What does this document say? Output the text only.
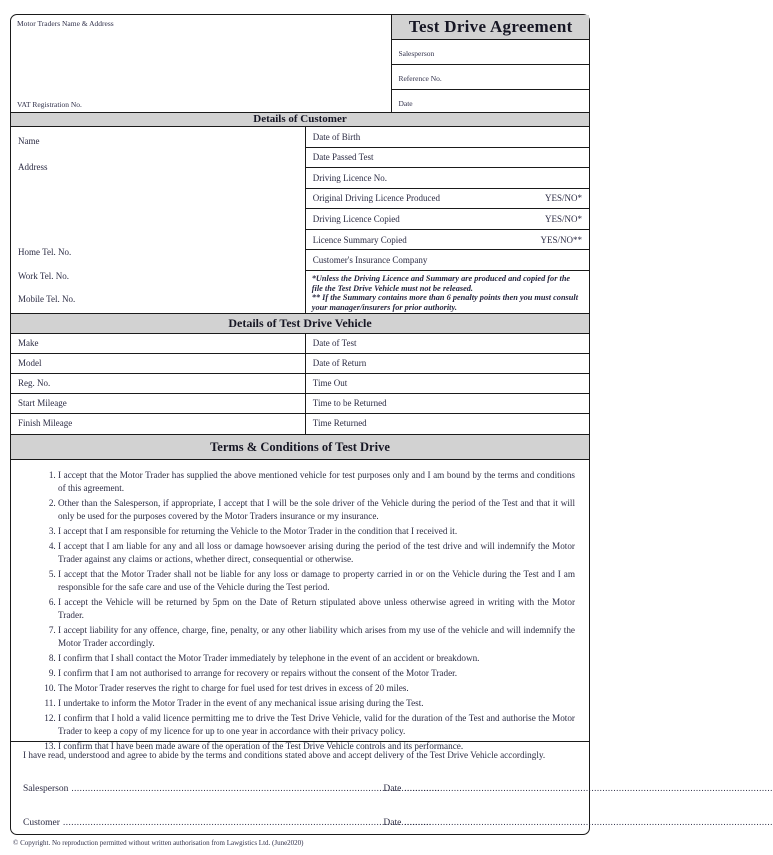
Motor Traders Name & Address
VAT Registration No.
Test Drive Agreement
Salesperson
Reference No.
Date
Details of Customer
Name
Address
Home Tel. No.
Work Tel. No.
Mobile Tel. No.
Date of Birth
Date Passed Test
Driving Licence No.
Original Driving Licence Produced	YES/NO*
Driving Licence Copied	YES/NO*
Licence Summary Copied	YES/NO**
Customer's Insurance Company
*Unless the Driving Licence and Summary are produced and copied for the file the Test Drive Vehicle must not be released.
** If the Summary contains more than 6 penalty points then you must consult your manager/insurers for prior authority.
Details of Test Drive Vehicle
Make	Date of Test
Model	Date of Return
Reg. No.	Time Out
Start Mileage	Time to be Returned
Finish Mileage	Time Returned
Terms & Conditions of Test Drive
1. I accept that the Motor Trader has supplied the above mentioned vehicle for test purposes only and I am bound by the terms and conditions of this agreement.
2. Other than the Salesperson, if appropriate, I accept that I will be the sole driver of the Vehicle during the period of the Test and that it will only be used for the purposes covered by the Motor Traders insurance or my insurance.
3. I accept that I am responsible for returning the Vehicle to the Motor Trader in the condition that I received it.
4. I accept that I am liable for any and all loss or damage howsoever arising during the period of the test drive and will indemnify the Motor Trader against any claims or actions, whether direct, consequential or otherwise.
5. I accept that the Motor Trader shall not be liable for any loss or damage to property carried in or on the Vehicle during the Test and I am responsible for the safe care and use of the Vehicle during the Test period.
6. I accept the Vehicle will be returned by 5pm on the Date of Return stipulated above unless otherwise agreed in writing with the Motor Trader.
7. I accept liability for any offence, charge, fine, penalty, or any other liability which arises from my use of the vehicle and will indemnify the Motor Trader accordingly.
8. I confirm that I shall contact the Motor Trader immediately by telephone in the event of an accident or breakdown.
9. I confirm that I am not authorised to arrange for recovery or repairs without the consent of the Motor Trader.
10. The Motor Trader reserves the right to charge for fuel used for test drives in excess of 20 miles.
11. I undertake to inform the Motor Trader in the event of any mechanical issue arising during the Test.
12. I confirm that I hold a valid licence permitting me to drive the Test Drive Vehicle, valid for the duration of the Test and authorise the Motor Trader to keep a copy of my licence for up to one year in accordance with their privacy policy.
13. I confirm that I have been made aware of the operation of the Test Drive Vehicle controls and its performance.

I have read, understood and agree to abide by the terms and conditions stated above and accept delivery of the Test Drive Vehicle accordingly.

Salesperson .....	Date
.....
Customer .....	Date
.....
© Copyright. No reproduction permitted without written authorisation from Lawgistics Ltd. (June2020)
